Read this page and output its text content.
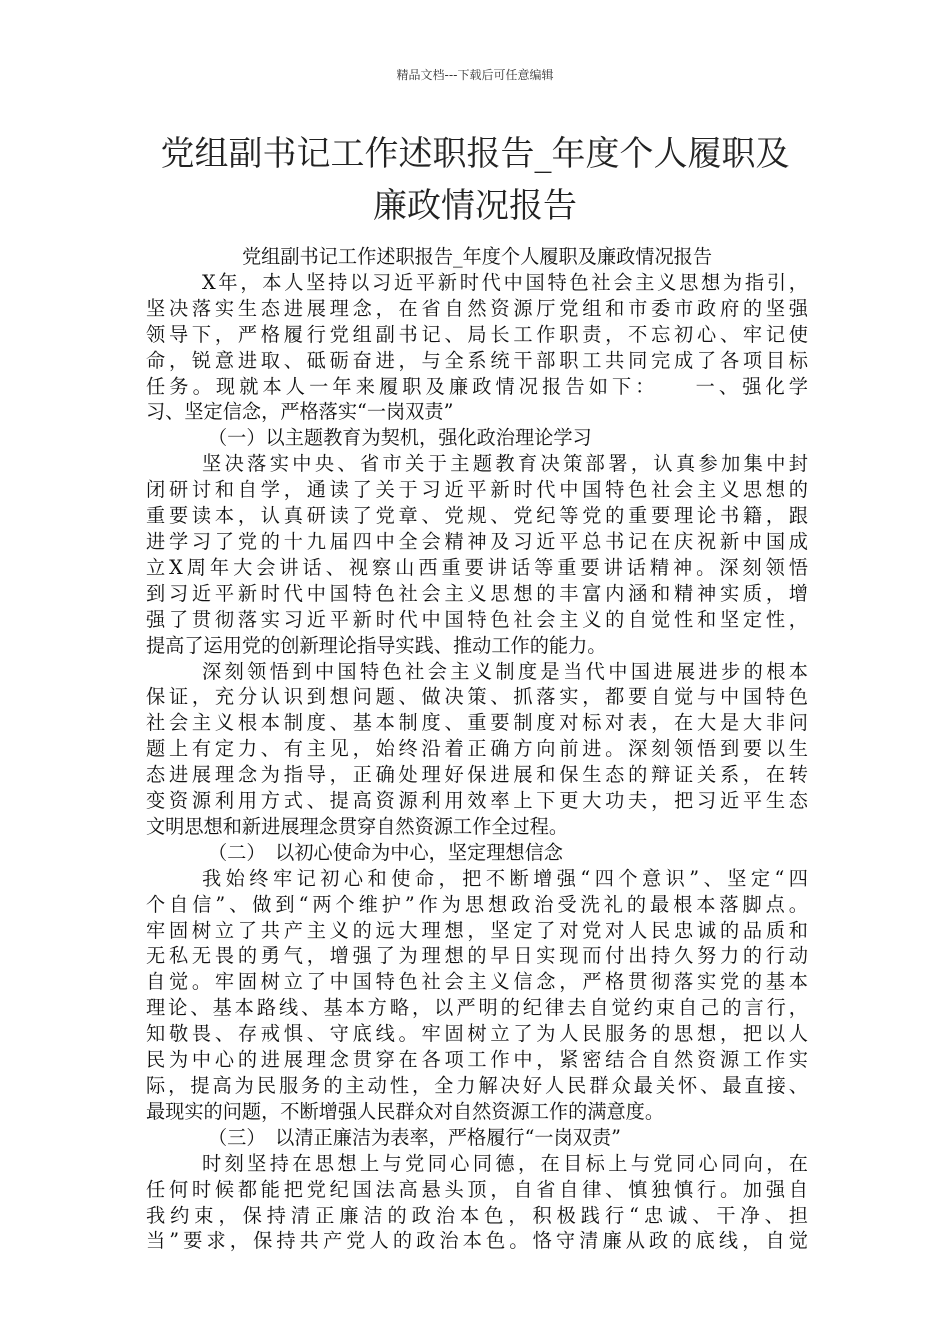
精品文档---下载后可任意编辑
党组副书记工作述职报告_年度个人履职及
廉政情况报告
党组副书记工作述职报告_年度个人履职及廉政情况报告
X年，本人坚持以习近平新时代中国特色社会主义思想为指引，
坚决落实生态进展理念，在省自然资源厅党组和市委市政府的坚强
领导下，严格履行党组副书记、局长工作职责，不忘初心、牢记使
命，锐意进取、砥砺奋进，与全系统干部职工共同完成了各项目标
任务。现就本人一年来履职及廉政情况报告如下：　　一、强化学
习、坚定信念，严格落实“一岗双责”
（一）以主题教育为契机，强化政治理论学习
坚决落实中央、省市关于主题教育决策部署，认真参加集中封
闭研讨和自学，通读了关于习近平新时代中国特色社会主义思想的
重要读本，认真研读了党章、党规、党纪等党的重要理论书籍，跟
进学习了党的十九届四中全会精神及习近平总书记在庆祝新中国成
立X周年大会讲话、视察山西重要讲话等重要讲话精神。深刻领悟
到习近平新时代中国特色社会主义思想的丰富内涵和精神实质，增
强了贯彻落实习近平新时代中国特色社会主义的自觉性和坚定性，
提高了运用党的创新理论指导实践、推动工作的能力。
深刻领悟到中国特色社会主义制度是当代中国进展进步的根本
保证，充分认识到想问题、做决策、抓落实，都要自觉与中国特色
社会主义根本制度、基本制度、重要制度对标对表，在大是大非问
题上有定力、有主见，始终沿着正确方向前进。深刻领悟到要以生
态进展理念为指导，正确处理好保进展和保生态的辩证关系，在转
变资源利用方式、提高资源利用效率上下更大功夫，把习近平生态
文明思想和新进展理念贯穿自然资源工作全过程。
（二）　以初心使命为中心，坚定理想信念
我始终牢记初心和使命，把不断增强“四个意识”、坚定“四
个自信”、做到“两个维护”作为思想政治受洗礼的最根本落脚点。
牢固树立了共产主义的远大理想，坚定了对党对人民忠诚的品质和
无私无畏的勇气，增强了为理想的早日实现而付出持久努力的行动
自觉。牢固树立了中国特色社会主义信念，严格贯彻落实党的基本
理论、基本路线、基本方略，以严明的纪律去自觉约束自己的言行，
知敬畏、存戒惧、守底线。牢固树立了为人民服务的思想，把以人
民为中心的进展理念贯穿在各项工作中，紧密结合自然资源工作实
际，提高为民服务的主动性，全力解决好人民群众最关怀、最直接、
最现实的问题，不断增强人民群众对自然资源工作的满意度。
（三）　以清正廉洁为表率，严格履行“一岗双责”
时刻坚持在思想上与党同心同德，在目标上与党同心同向，在
任何时候都能把党纪国法高悬头顶，自省自律、慎独慎行。加强自
我约束，保持清正廉洁的政治本色，积极践行“忠诚、干净、担
当”要求，保持共产党人的政治本色。恪守清廉从政的底线，自觉
